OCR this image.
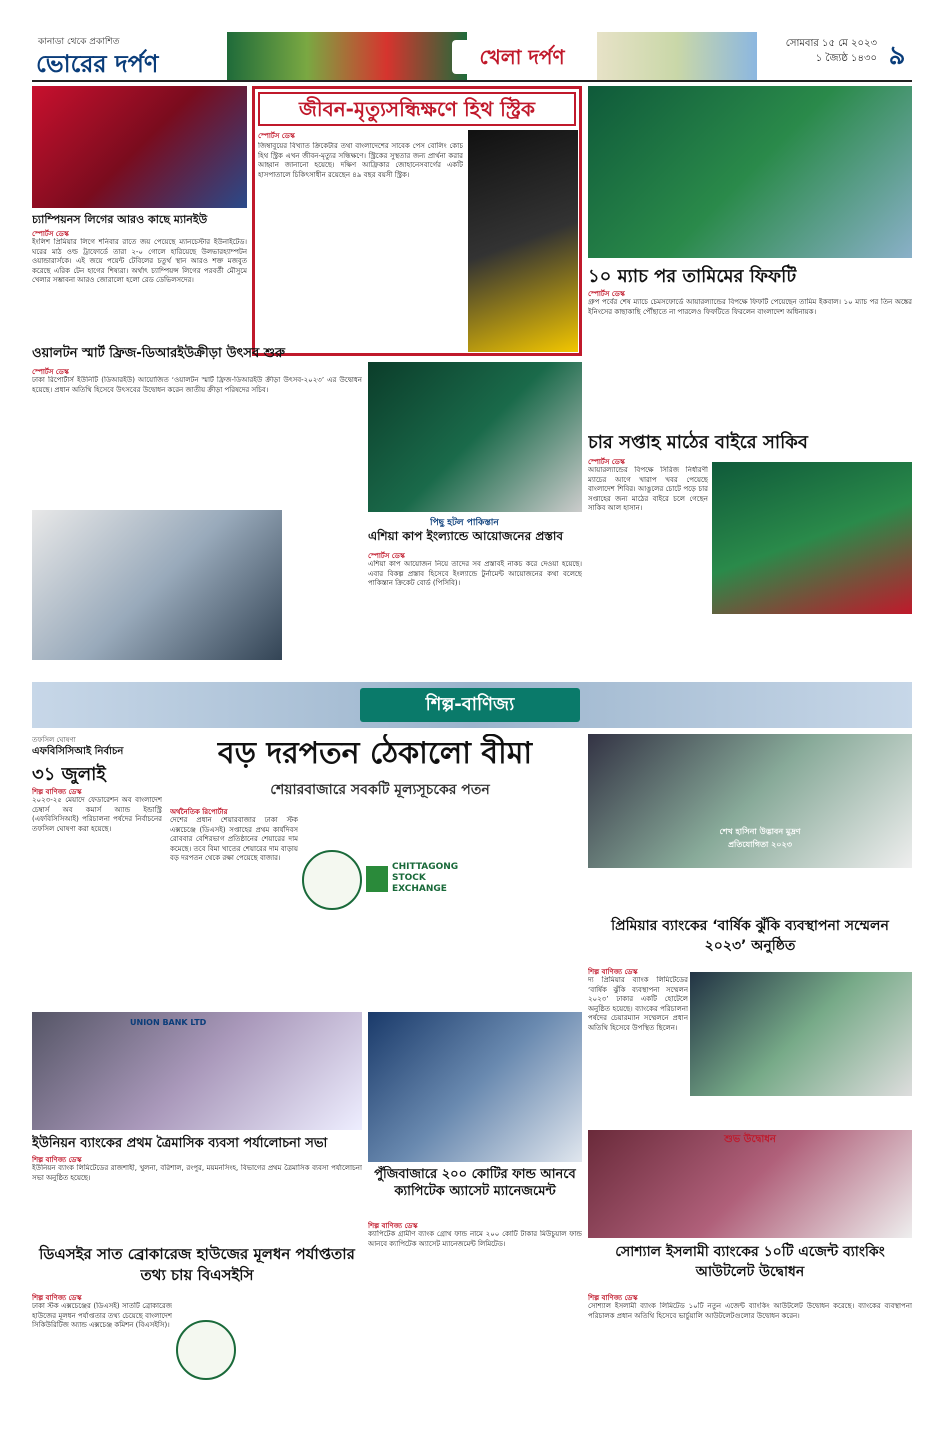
কানাডা থেকে প্রকাশিত
ভোরের দর্পণ	খেলা দর্পণ
সোমবার ১৫ মে ২০২৩
১ জ্যৈষ্ঠ ১৪৩০ ৯
চ্যাম্পিয়নস লিগের আরও কাছে ম্যানইউ
স্পোর্টস ডেস্ক
ইংলিশ প্রিমিয়ার লিগে শনিবার রাতে জয় পেয়েছে ম্যানচেস্টার ইউনাইটেড। ঘরের মাঠ ওল্ড ট্রাফোর্ডে তারা ২-০ গোলে হারিয়েছে উলভারহ্যাম্পটন ওয়ান্ডারার্সকে। এই জয়ে পয়েন্ট টেবিলের চতুর্থ স্থান আরও শক্ত মজবুত করেছে এরিক টেন হাগের শিষ্যরা। অর্থাৎ চ্যাম্পিয়ন্স লিগের পরবর্তী মৌসুমে খেলার সম্ভাবনা আরও জোরালো হলো রেড ডেভিলসদের।
জীবন-মৃত্যুসন্ধিক্ষণে হিথ স্ট্রিক
স্পোর্টস ডেস্ক
জিম্বাবুয়ের বিখ্যাত ক্রিকেটার তথা বাংলাদেশের সাবেক পেস বোলিং কোচ হিথ স্ট্রিক এখন জীবন-মৃত্যুর সন্ধিক্ষণে। স্ট্রিকের সুস্থতার জন্য প্রার্থনা করার আহ্বান জানানো হয়েছে। দক্ষিণ আফ্রিকার জোহানেসবার্গের একটি হাসপাতালে চিকিৎসাধীন রয়েছেন ৪৯ বছর বয়সী স্ট্রিক।
১০ ম্যাচ পর তামিমের ফিফটি
স্পোর্টস ডেস্ক
গ্রুপ পর্বের শেষ ম্যাচে চেমসফোর্ডে আয়ারল্যান্ডের বিপক্ষে ফিফটি পেয়েছেন তামিম ইকবাল। ১০ ম্যাচ পর তিন অঙ্কের ইনিংসের কাছাকাছি পৌঁছাতে না পারলেও ফিফটিতে ফিরলেন বাংলাদেশ অধিনায়ক।
ওয়ালটন স্মার্ট ফ্রিজ-ডিআরইউক্রীড়া উৎসব শুরু
স্পোর্টস ডেস্ক
ঢাকা রিপোর্টার্স ইউনিটি (ডিআরইউ) আয়োজিত ‘ওয়ালটন স্মার্ট ফ্রিজ-ডিআরইউ ক্রীড়া উৎসব-২০২৩’ এর উদ্বোধন হয়েছে। প্রধান অতিথি হিসেবে উৎসবের উদ্বোধন করেন জাতীয় ক্রীড়া পরিষদের সচিব।
পিছু হটল পাকিস্তান
এশিয়া কাপ ইংল্যান্ডে আয়োজনের প্রস্তাব
স্পোর্টস ডেস্ক
এশিয়া কাপ আয়োজন নিয়ে তাদের সব প্রস্তাবই নাকচ করে দেওয়া হয়েছে। এবার বিকল্প প্রস্তাব হিসেবে ইংল্যান্ডে টুর্নামেন্ট আয়োজনের কথা বলেছে পাকিস্তান ক্রিকেট বোর্ড (পিসিবি)।
চার সপ্তাহ মাঠের বাইরে সাকিব
স্পোর্টস ডেস্ক
আয়ারল্যান্ডের বিপক্ষে সিরিজ নির্ধারণী ম্যাচের আগে খারাপ খবর পেয়েছে বাংলাদেশ শিবির। আঙুলের চোটে পড়ে চার সপ্তাহের জন্য মাঠের বাইরে চলে গেছেন সাকিব আল হাসান।
শিল্প-বাণিজ্য
তফসিল ঘোষণা
এফবিসিসিআই নির্বাচন
৩১ জুলাই
শিল্প বাণিজ্য ডেস্ক
২০২৩-২৫ মেয়াদে ফেডারেশন অব বাংলাদেশ চেম্বার্স অব কমার্স অ্যান্ড ইন্ডাস্ট্রি (এফবিসিসিআই) পরিচালনা পর্ষদের নির্বাচনের তফসিল ঘোষণা করা হয়েছে।
বড় দরপতন ঠেকালো বীমা
শেয়ারবাজারে সবকটি মূল্যসূচকের পতন
অর্থনৈতিক রিপোর্টার
দেশের প্রধান শেয়ারবাজার ঢাকা স্টক এক্সচেঞ্জে (ডিএসই) সপ্তাহের প্রথম কার্যদিবস রোববার বেশিরভাগ প্রতিষ্ঠানের শেয়ারের দাম কমেছে। তবে বিমা খাতের শেয়ারের দাম বাড়ায় বড় দরপতন থেকে রক্ষা পেয়েছে বাজার।
CHITTAGONG STOCK EXCHANGE
শেখ হাসিনা উদ্ভাবন মুদ্রণ প্রতিযোগিতা ২০২৩
প্রিমিয়ার ব্যাংকের ‘বার্ষিক ঝুঁকি ব্যবস্থাপনা সম্মেলন ২০২৩’ অনুষ্ঠিত
শিল্প বাণিজ্য ডেস্ক
দ্য প্রিমিয়ার ব্যাংক লিমিটেডের ‘বার্ষিক ঝুঁকি ব্যবস্থাপনা সম্মেলন ২০২৩’ ঢাকার একটি হোটেলে অনুষ্ঠিত হয়েছে। ব্যাংকের পরিচালনা পর্ষদের চেয়ারম্যান সম্মেলনে প্রধান অতিথি হিসেবে উপস্থিত ছিলেন।
UNION BANK LTD
ইউনিয়ন ব্যাংকের প্রথম ত্রৈমাসিক ব্যবসা পর্যালোচনা সভা
শিল্প বাণিজ্য ডেস্ক
ইউনিয়ন ব্যাংক লিমিটেডের রাজশাহী, খুলনা, বরিশাল, রংপুর, ময়মনসিংহ, বিভাগের প্রথম ত্রৈমাসিক ব্যবসা পর্যালোচনা সভা অনুষ্ঠিত হয়েছে।	পুঁজিবাজারে ২০০ কোটির ফান্ড আনবে ক্যাপিটেক অ্যাসেট ম্যানেজমেন্ট
শিল্প বাণিজ্য ডেস্ক
ক্যাপিটেক গ্রামীণ ব্যাংক গ্রোথ ফান্ড নামে ২০০ কোটি টাকার মিউচুয়াল ফান্ড আনবে ক্যাপিটেক অ্যাসেট ম্যানেজমেন্ট লিমিটেড।
ডিএসইর সাত ব্রোকারেজ হাউজের মূলধন পর্যাপ্ততার তথ্য চায় বিএসইসি
শিল্প বাণিজ্য ডেস্ক
ঢাকা স্টক এক্সচেঞ্জের (ডিএসই) সাতটি ব্রোকারেজ হাউজের মূলধন পর্যাপ্ততার তথ্য চেয়েছে বাংলাদেশ সিকিউরিটিজ অ্যান্ড এক্সচেঞ্জ কমিশন (বিএসইসি)।
শুভ উদ্বোধন
সোশ্যাল ইসলামী ব্যাংকের ১০টি এজেন্ট ব্যাংকিং আউটলেট উদ্বোধন
শিল্প বাণিজ্য ডেস্ক
সোশ্যাল ইসলামী ব্যাংক লিমিটেড ১০টি নতুন এজেন্ট ব্যাংকিং আউটলেট উদ্বোধন করেছে। ব্যাংকের ব্যবস্থাপনা পরিচালক প্রধান অতিথি হিসেবে ভার্চুয়ালি আউটলেটগুলোর উদ্বোধন করেন।
